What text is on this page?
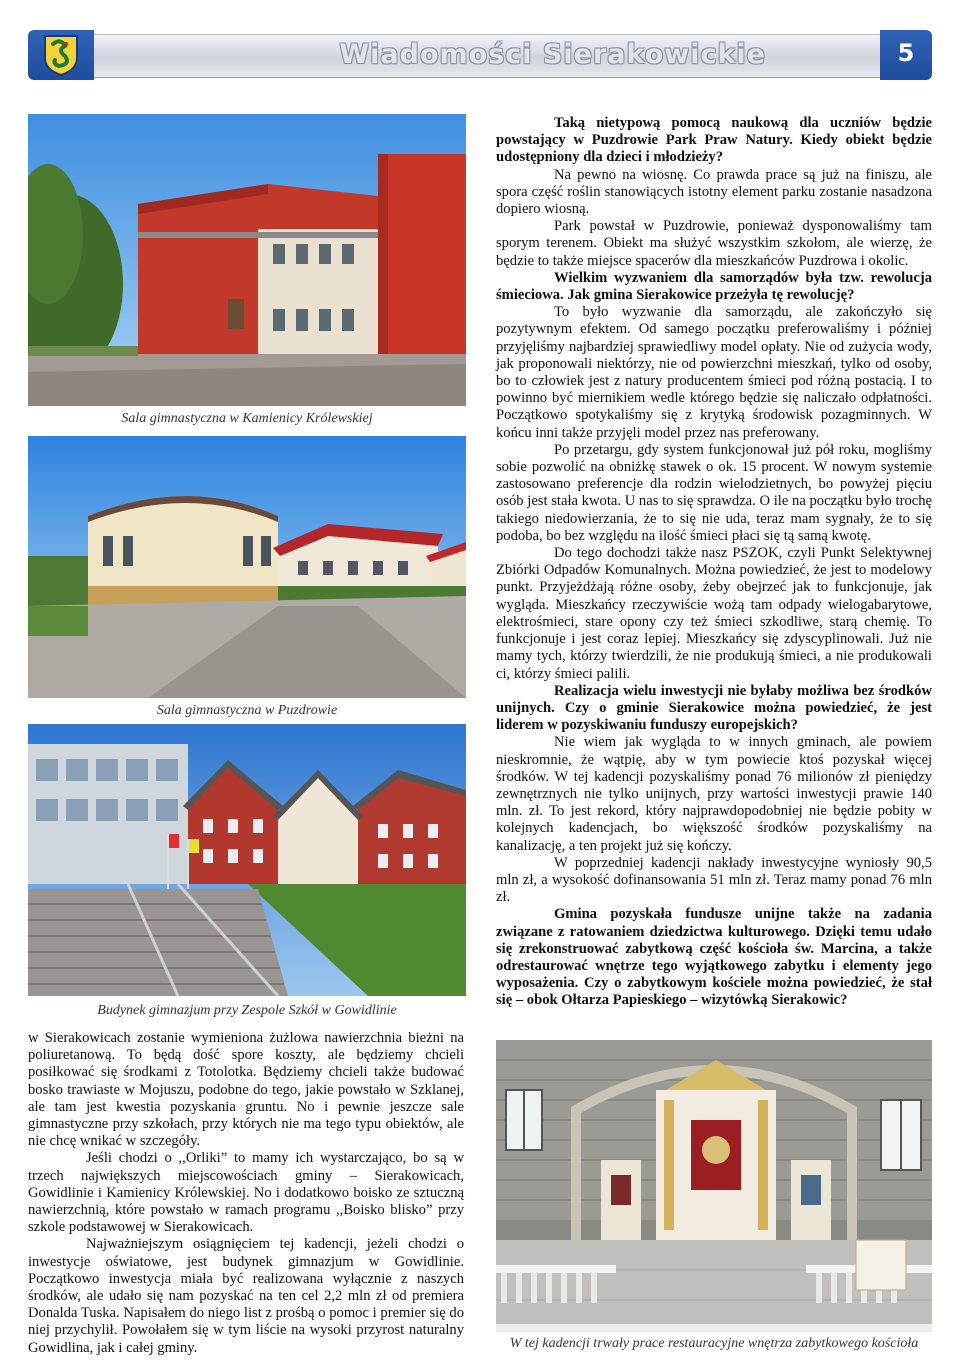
Wiadomości Sierakowickie	5
Sala gimnastyczna w Kamienicy Królewskiej
Sala gimnastyczna w Puzdrowie
Budynek gimnazjum przy Zespole Szkół w Gowidlinie
W tej kadencji trwały prace restauracyjne wnętrza zabytkowego kościoła

w Sierakowicach zostanie wymieniona żużlowa nawierzchnia bieżni na poliuretanową. To będą dość spore koszty, ale będziemy chcieli posiłkować się środkami z Totolotka. Będziemy chcieli także budować bosko trawiaste w Mojuszu, podobne do tego, jakie powstało w Szklanej, ale tam jest kwestia pozyskania gruntu. No i pewnie jeszcze sale gimnastyczne przy szkołach, przy których nie ma tego typu obiektów, ale nie chcę wnikać w szczegóły.

Jeśli chodzi o ,,Orliki” to mamy ich wystarczająco, bo są w trzech największych miejscowościach gminy – Sierakowicach, Gowidlinie i Kamienicy Królewskiej. No i dodatkowo boisko ze sztuczną nawierzchnią, które powstało w ramach programu ,,Boisko blisko” przy szkole podstawowej w Sierakowicach.

Najważniejszym osiągnięciem tej kadencji, jeżeli chodzi o inwestycje oświatowe, jest budynek gimnazjum w Gowidlinie. Początkowo inwestycja miała być realizowana wyłącznie z naszych środków, ale udało się nam pozyskać na ten cel 2,2 mln zł od premiera Donalda Tuska. Napisałem do niego list z prośbą o pomoc i premier się do niej przychylił. Powołałem się w tym liście na wysoki przyrost naturalny Gowidlina, jak i całej gminy.

Taką nietypową pomocą naukową dla uczniów będzie powstający w Puzdrowie Park Praw Natury. Kiedy obiekt będzie udostępniony dla dzieci i młodzieży?

Na pewno na wiosnę. Co prawda prace są już na finiszu, ale spora część roślin stanowiących istotny element parku zostanie nasadzona dopiero wiosną.

Park powstał w Puzdrowie, ponieważ dysponowaliśmy tam sporym terenem. Obiekt ma służyć wszystkim szkołom, ale wierzę, że będzie to także miejsce spacerów dla mieszkańców Puzdrowa i okolic.

Wielkim wyzwaniem dla samorządów była tzw. rewolucja śmieciowa. Jak gmina Sierakowice przeżyła tę rewolucję?

To było wyzwanie dla samorządu, ale zakończyło się pozytywnym efektem. Od samego początku preferowaliśmy i później przyjęliśmy najbardziej sprawiedliwy model opłaty. Nie od zużycia wody, jak proponowali niektórzy, nie od powierzchni mieszkań, tylko od osoby, bo to człowiek jest z natury producentem śmieci pod różną postacią. I to powinno być miernikiem wedle którego będzie się naliczało odpłatności. Początkowo spotykaliśmy się z krytyką środowisk pozagminnych. W końcu inni także przyjęli model przez nas preferowany.

Po przetargu, gdy system funkcjonował już pół roku, mogliśmy sobie pozwolić na obniżkę stawek o ok. 15 procent. W nowym systemie zastosowano preferencje dla rodzin wielodzietnych, bo powyżej pięciu osób jest stała kwota. U nas to się sprawdza. O ile na początku było trochę takiego niedowierzania, że to się nie uda, teraz mam sygnały, że to się podoba, bo bez względu na ilość śmieci płaci się tą samą kwotę.

Do tego dochodzi także nasz PSZOK, czyli Punkt Selektywnej Zbiórki Odpadów Komunalnych. Można powiedzieć, że jest to modelowy punkt. Przyjeżdżają różne osoby, żeby obejrzeć jak to funkcjonuje, jak wygląda. Mieszkańcy rzeczywiście wożą tam odpady wielogabarytowe, elektrośmieci, stare opony czy też śmieci szkodliwe, starą chemię. To funkcjonuje i jest coraz lepiej. Mieszkańcy się zdyscyplinowali. Już nie mamy tych, którzy twierdzili, że nie produkują śmieci, a nie produkowali ci, którzy śmieci palili.

Realizacja wielu inwestycji nie byłaby możliwa bez środków unijnych. Czy o gminie Sierakowice można powiedzieć, że jest liderem w pozyskiwaniu funduszy europejskich?

Nie wiem jak wygląda to w innych gminach, ale powiem nieskromnie, że wątpię, aby w tym powiecie ktoś pozyskał więcej środków. W tej kadencji pozyskaliśmy ponad 76 milionów zł pieniędzy zewnętrznych nie tylko unijnych, przy wartości inwestycji prawie 140 mln. zł. To jest rekord, który najprawdopodobniej nie będzie pobity w kolejnych kadencjach, bo większość środków pozyskaliśmy na kanalizację, a ten projekt już się kończy.

W poprzedniej kadencji nakłady inwestycyjne wyniosły 90,5 mln zł, a wysokość dofinansowania 51 mln zł. Teraz mamy ponad 76 mln zł.

Gmina pozyskała fundusze unijne także na zadania związane z ratowaniem dziedzictwa kulturowego. Dzięki temu udało się zrekonstruować zabytkową część kościoła św. Marcina, a także odrestaurować wnętrze tego wyjątkowego zabytku i elementy jego wyposażenia. Czy o zabytkowym kościele można powiedzieć, że stał się – obok Ołtarza Papieskiego – wizytówką Sierakowic?
